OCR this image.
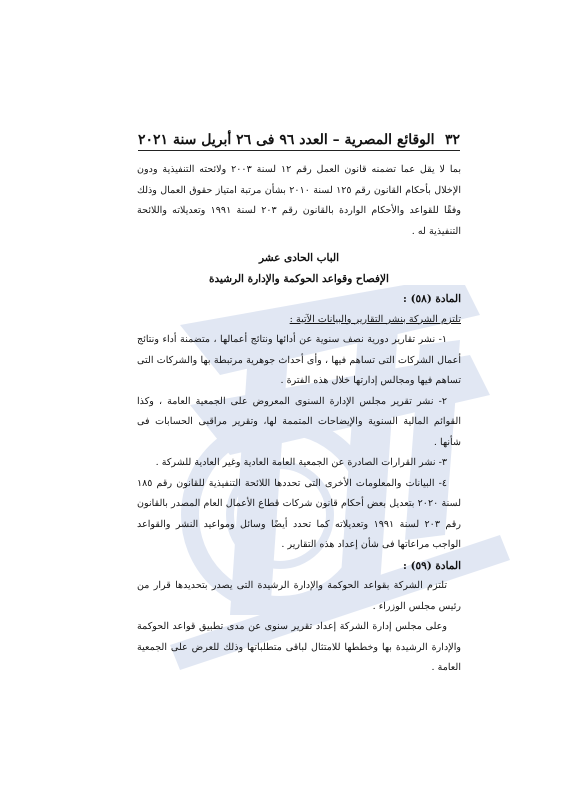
٣٢
الوقائع المصرية – العدد ٩٦ فى ٢٦ أبريل سنة ٢٠٢١

بما لا يقل عما تضمنه قانون العمل رقم ١٢ لسنة ٢٠٠٣ ولائحته التنفيذية ودون الإخلال بأحكام القانون رقم ١٢٥ لسنة ٢٠١٠ بشأن مرتبة امتياز حقوق العمال وذلك وفقًا للقواعد والأحكام الواردة بالقانون رقم ٢٠٣ لسنة ١٩٩١ وتعديلاته واللائحة التنفيذية له .

الباب الحادى عشر

الإفصاح وقواعد الحوكمة والإدارة الرشيدة

المادة (٥٨) :

تلتزم الشركة بنشر التقارير والبيانات الآتية :

١- نشر تقارير دورية نصف سنوية عن أدائها ونتائج أعمالها ، متضمنة أداء ونتائج أعمال الشركات التى تساهم فيها ، وأى أحداث جوهرية مرتبطة بها والشركات التى تساهم فيها ومجالس إدارتها خلال هذه الفترة .

٢- نشر تقرير مجلس الإدارة السنوى المعروض على الجمعية العامة ، وكذا القوائم المالية السنوية والإيضاحات المتممة لها، وتقرير مراقبى الحسابات فى شأنها .

٣- نشر القرارات الصادرة عن الجمعية العامة العادية وغير العادية للشركة .

٤- البيانات والمعلومات الأخرى التى تحددها اللائحة التنفيذية للقانون رقم ١٨٥ لسنة ٢٠٢٠ بتعديل بعض أحكام قانون شركات قطاع الأعمال العام المصدر بالقانون رقم ٢٠٣ لسنة ١٩٩١ وتعديلاته كما تحدد أيضًا وسائل ومواعيد النشر والقواعد الواجب مراعاتها فى شأن إعداد هذه التقارير .

المادة (٥٩) :

تلتزم الشركة بقواعد الحوكمة والإدارة الرشيدة التى يصدر بتحديدها قرار من رئيس مجلس الوزراء .

وعلى مجلس إدارة الشركة إعداد تقرير سنوى عن مدى تطبيق قواعد الحوكمة والإدارة الرشيدة بها وخططها للامتثال لباقى متطلباتها وذلك للعرض على الجمعية العامة .
